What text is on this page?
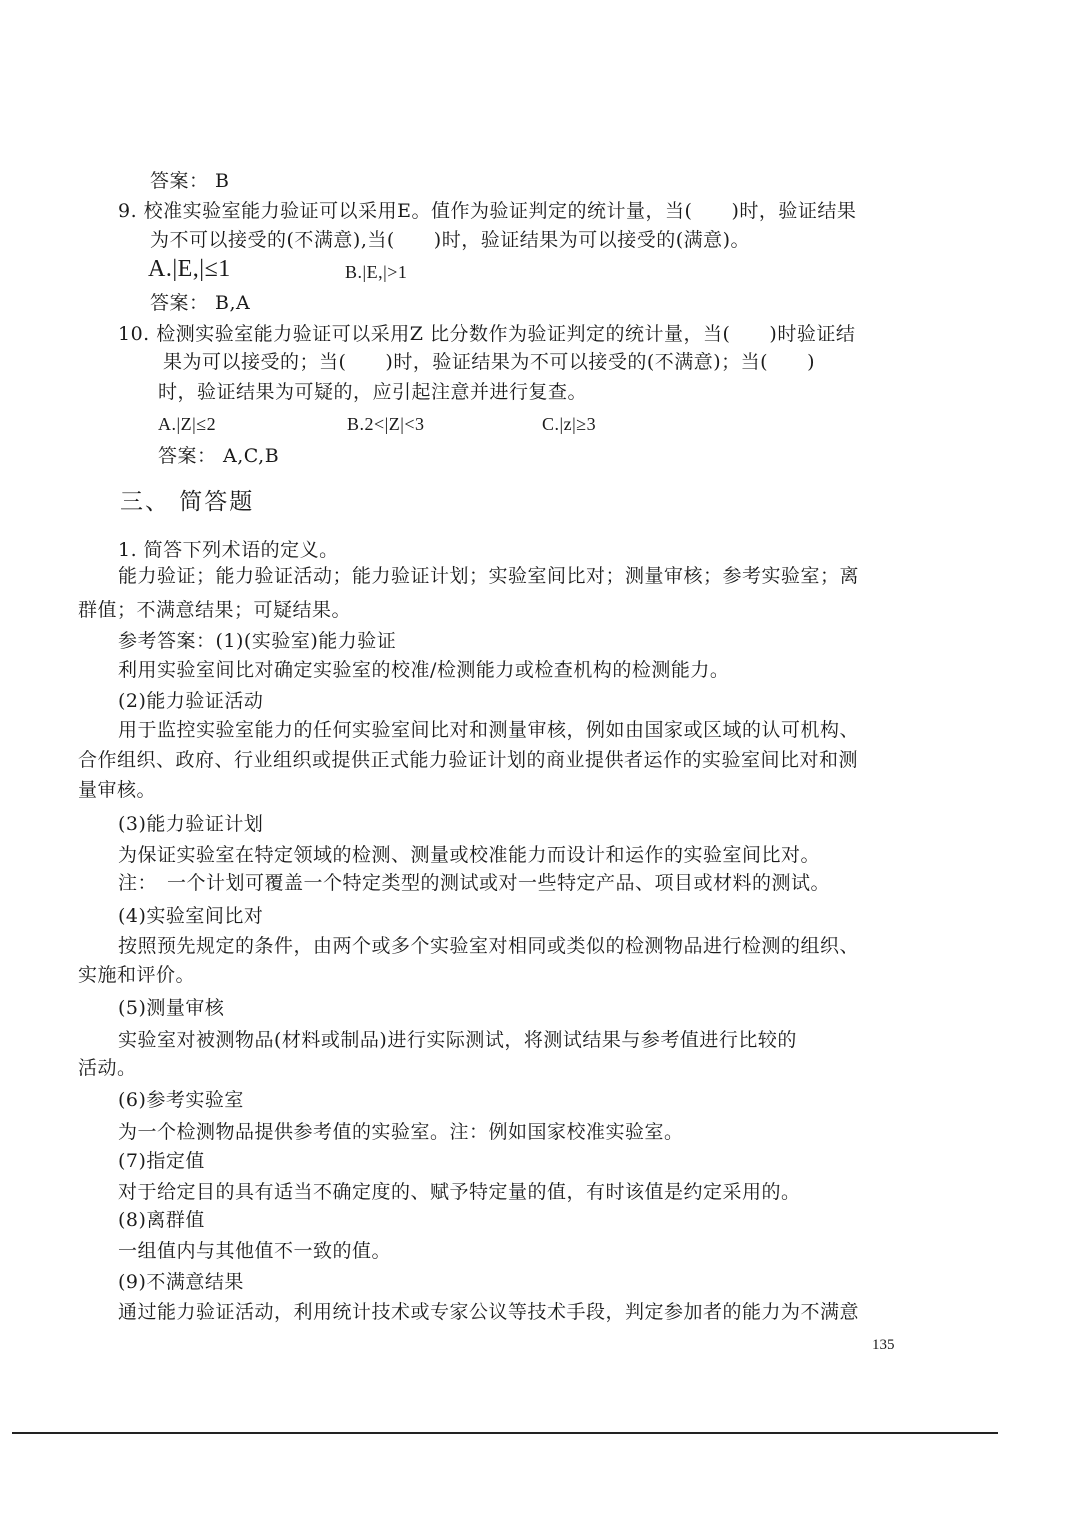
答案： B
9. 校准实验室能力验证可以采用E。值作为验证判定的统计量，当(　　)时，验证结果
为不可以接受的(不满意),当(　　)时，验证结果为可以接受的(满意)。
A.|E,|≤1	B.|E,|>1
答案： B,A
10. 检测实验室能力验证可以采用Z 比分数作为验证判定的统计量，当(　　)时验证结
果为可以接受的；当(　　)时，验证结果为不可以接受的(不满意)；当(　　)
时，验证结果为可疑的，应引起注意并进行复查。
A.|Z|≤2	B.2<|Z|<3	C.|z|≥3
答案： A,C,B
三、 简答题
1. 简答下列术语的定义。
能力验证；能力验证活动；能力验证计划；实验室间比对；测量审核；参考实验室；离
群值；不满意结果；可疑结果。
参考答案：(1)(实验室)能力验证
利用实验室间比对确定实验室的校准/检测能力或检查机构的检测能力。
(2)能力验证活动
用于监控实验室能力的任何实验室间比对和测量审核，例如由国家或区域的认可机构、
合作组织、政府、行业组织或提供正式能力验证计划的商业提供者运作的实验室间比对和测
量审核。
(3)能力验证计划
为保证实验室在特定领域的检测、测量或校准能力而设计和运作的实验室间比对。
注：　一个计划可覆盖一个特定类型的测试或对一些特定产品、项目或材料的测试。
(4)实验室间比对
按照预先规定的条件，由两个或多个实验室对相同或类似的检测物品进行检测的组织、
实施和评价。
(5)测量审核
实验室对被测物品(材料或制品)进行实际测试，将测试结果与参考值进行比较的
活动。
(6)参考实验室
为一个检测物品提供参考值的实验室。注：例如国家校准实验室。
(7)指定值
对于给定目的具有适当不确定度的、赋予特定量的值，有时该值是约定采用的。
(8)离群值
一组值内与其他值不一致的值。
(9)不满意结果
通过能力验证活动，利用统计技术或专家公议等技术手段，判定参加者的能力为不满意
135
